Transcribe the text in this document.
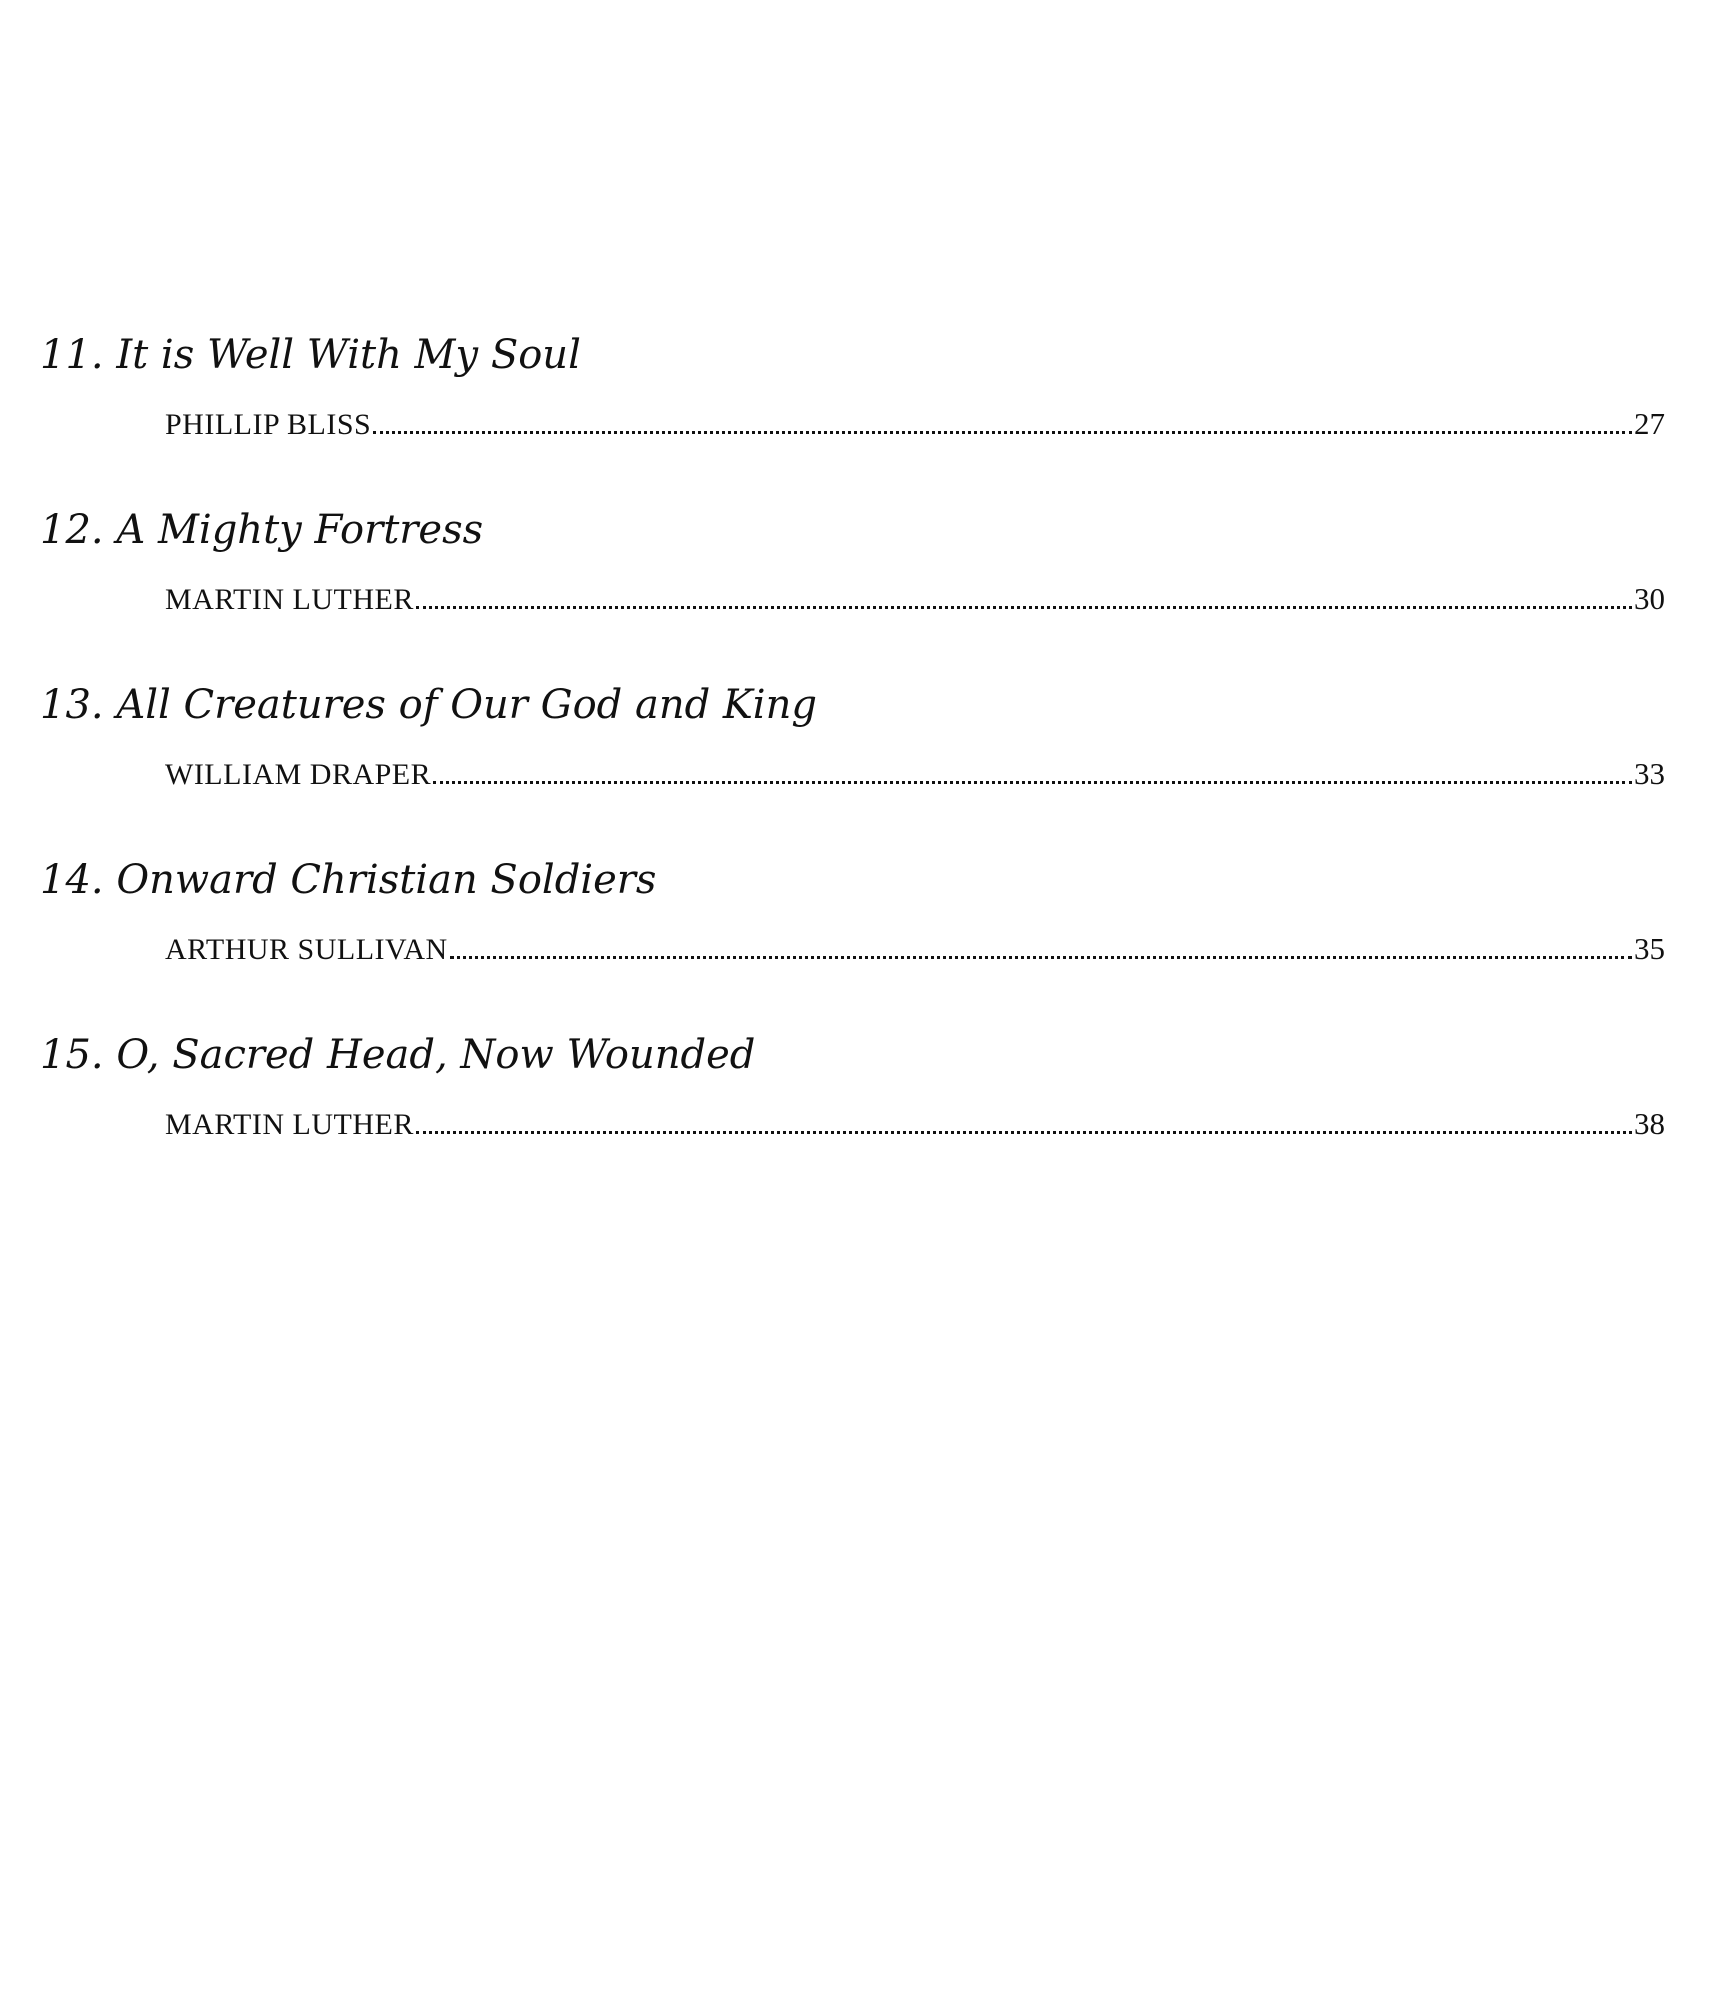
11. It is Well With My Soul
PHILLIP BLISS	27
12. A Mighty Fortress
MARTIN LUTHER	30
13. All Creatures of Our God and King
WILLIAM DRAPER	33
14. Onward Christian Soldiers
ARTHUR SULLIVAN	35
15. O, Sacred Head, Now Wounded
MARTIN LUTHER	38
